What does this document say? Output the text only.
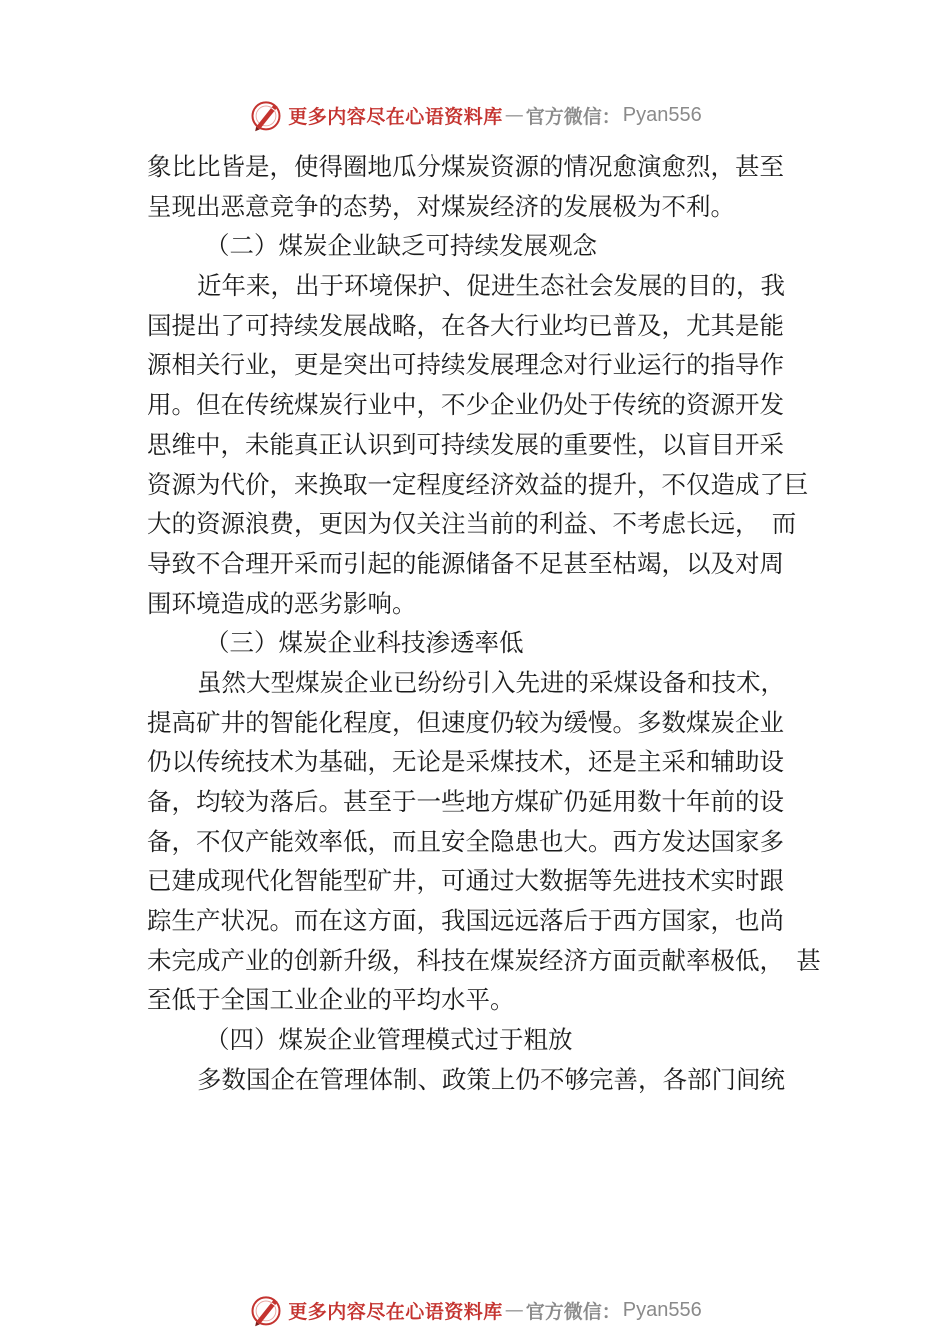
更多内容尽在心语资料库 — 官方微信： Pyan556
象比比皆是，使得圈地瓜分煤炭资源的情况愈演愈烈，甚至
呈现出恶意竞争的态势，对煤炭经济的发展极为不利。
（二）煤炭企业缺乏可持续发展观念
近年来，出于环境保护、促进生态社会发展的目的，我
国提出了可持续发展战略，在各大行业均已普及，尤其是能
源相关行业，更是突出可持续发展理念对行业运行的指导作
用。但在传统煤炭行业中，不少企业仍处于传统的资源开发
思维中，未能真正认识到可持续发展的重要性，以盲目开采
资源为代价，来换取一定程度经济效益的提升，不仅造成了巨
大的资源浪费，更因为仅关注当前的利益、不考虑长远，　而
导致不合理开采而引起的能源储备不足甚至枯竭，以及对周
围环境造成的恶劣影响。
（三）煤炭企业科技渗透率低
虽然大型煤炭企业已纷纷引入先进的采煤设备和技术，
提高矿井的智能化程度，但速度仍较为缓慢。多数煤炭企业
仍以传统技术为基础，无论是采煤技术，还是主采和辅助设
备，均较为落后。甚至于一些地方煤矿仍延用数十年前的设
备，不仅产能效率低，而且安全隐患也大。西方发达国家多
已建成现代化智能型矿井，可通过大数据等先进技术实时跟
踪生产状况。而在这方面，我国远远落后于西方国家，也尚
未完成产业的创新升级，科技在煤炭经济方面贡献率极低，　甚
至低于全国工业企业的平均水平。
（四）煤炭企业管理模式过于粗放
多数国企在管理体制、政策上仍不够完善，各部门间统
更多内容尽在心语资料库 — 官方微信： Pyan556
